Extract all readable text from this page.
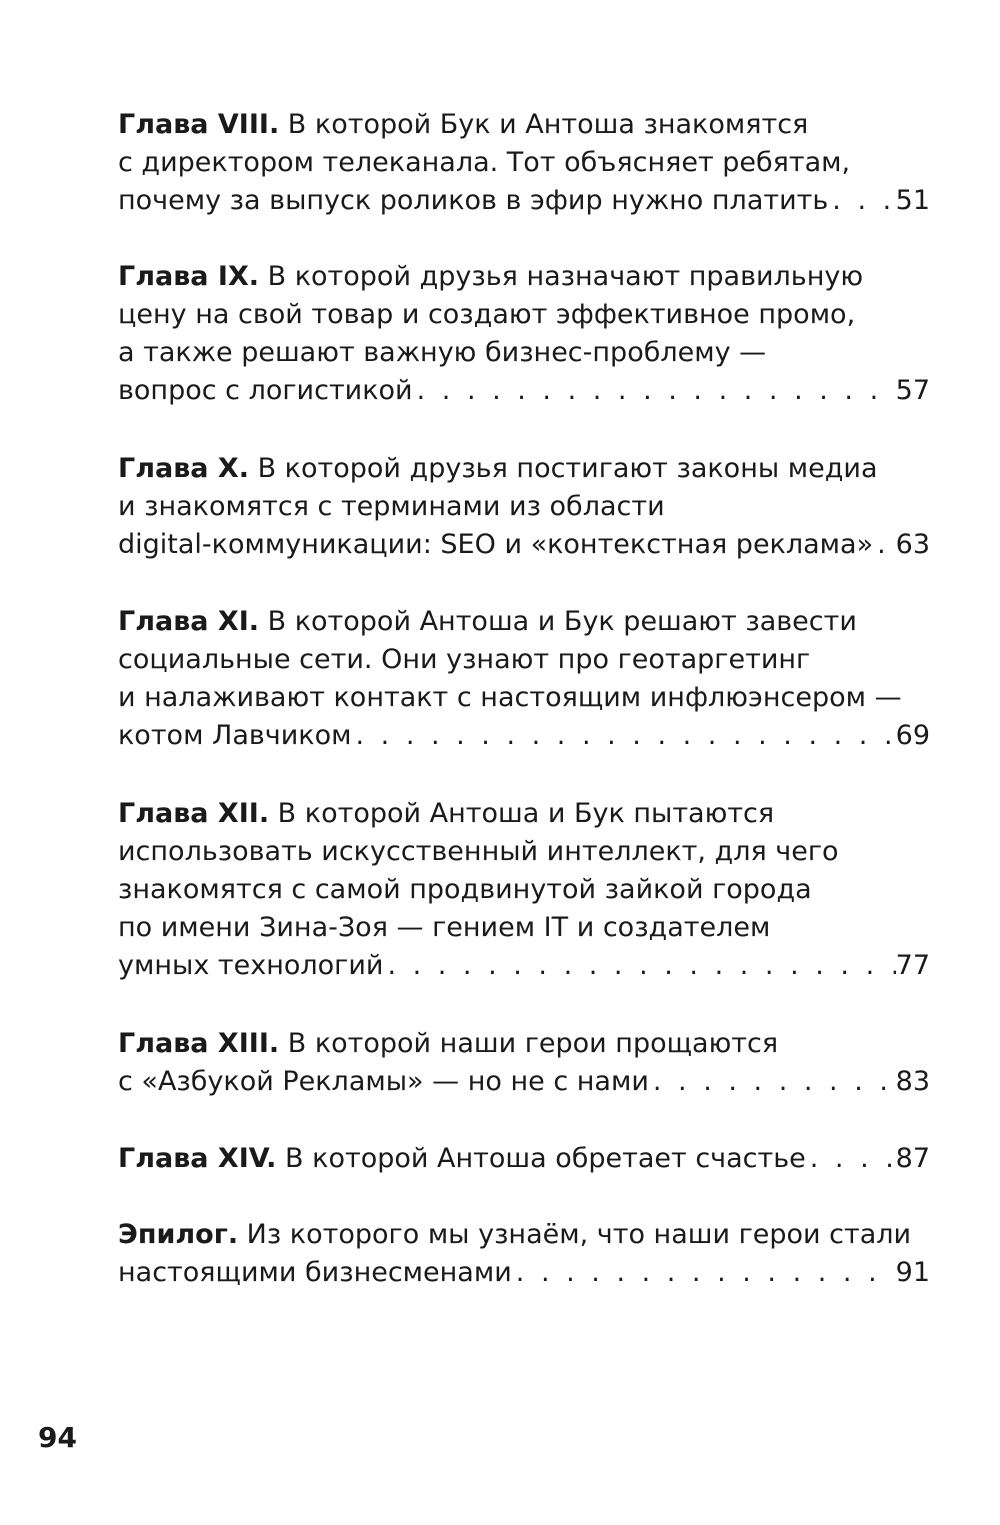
Глава VIII. В которой Бук и Антоша знакомятся
с директором телеканала. Тот объясняет ребятам,
почему за выпуск роликов в эфир нужно платить . . . 51

Глава IX. В которой друзья назначают правильную
цену на свой товар и создают эффективное промо,
а также решают важную бизнес-проблему —
вопрос с логистикой . . .	57

Глава X. В которой друзья постигают законы медиа
и знакомятся с терминами из области
digital-коммуникации: SEO и «контекстная реклама» . . . 63

Глава XI. В которой Антоша и Бук решают завести
социальные сети. Они узнают про геотаргетинг
и налаживают контакт с настоящим инфлюэнсером —
котом Лавчиком . . .	69

Глава XII. В которой Антоша и Бук пытаются
использовать искусственный интеллект, для чего
знакомятся с самой продвинутой зайкой города
по имени Зина-Зоя — гением IT и создателем
умных технологий . . .	77

Глава XIII. В которой наши герои прощаются
с «Азбукой Рекламы» — но не с нами . . .	83

Глава XIV. В которой Антоша обретает счастье . . .	87

Эпилог. Из которого мы узнаём, что наши герои стали
настоящими бизнесменами . . .	91

94
